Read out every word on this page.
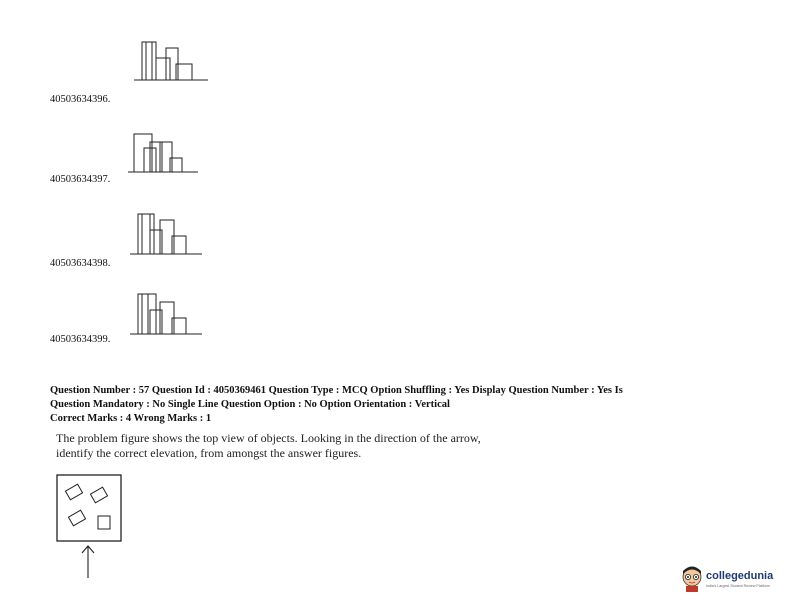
40503634396.
40503634397.
40503634398.
40503634399.
Question Number : 57 Question Id : 4050369461 Question Type : MCQ Option Shuffling : Yes Display Question Number : Yes Is
Question Mandatory : No Single Line Question Option : No Option Orientation : Vertical
Correct Marks : 4 Wrong Marks : 1
The problem figure shows the top view of objects. Looking in the direction of the arrow,
identify the correct elevation, from amongst the answer figures.
collegedunia
India's Largest Student Review Platform
